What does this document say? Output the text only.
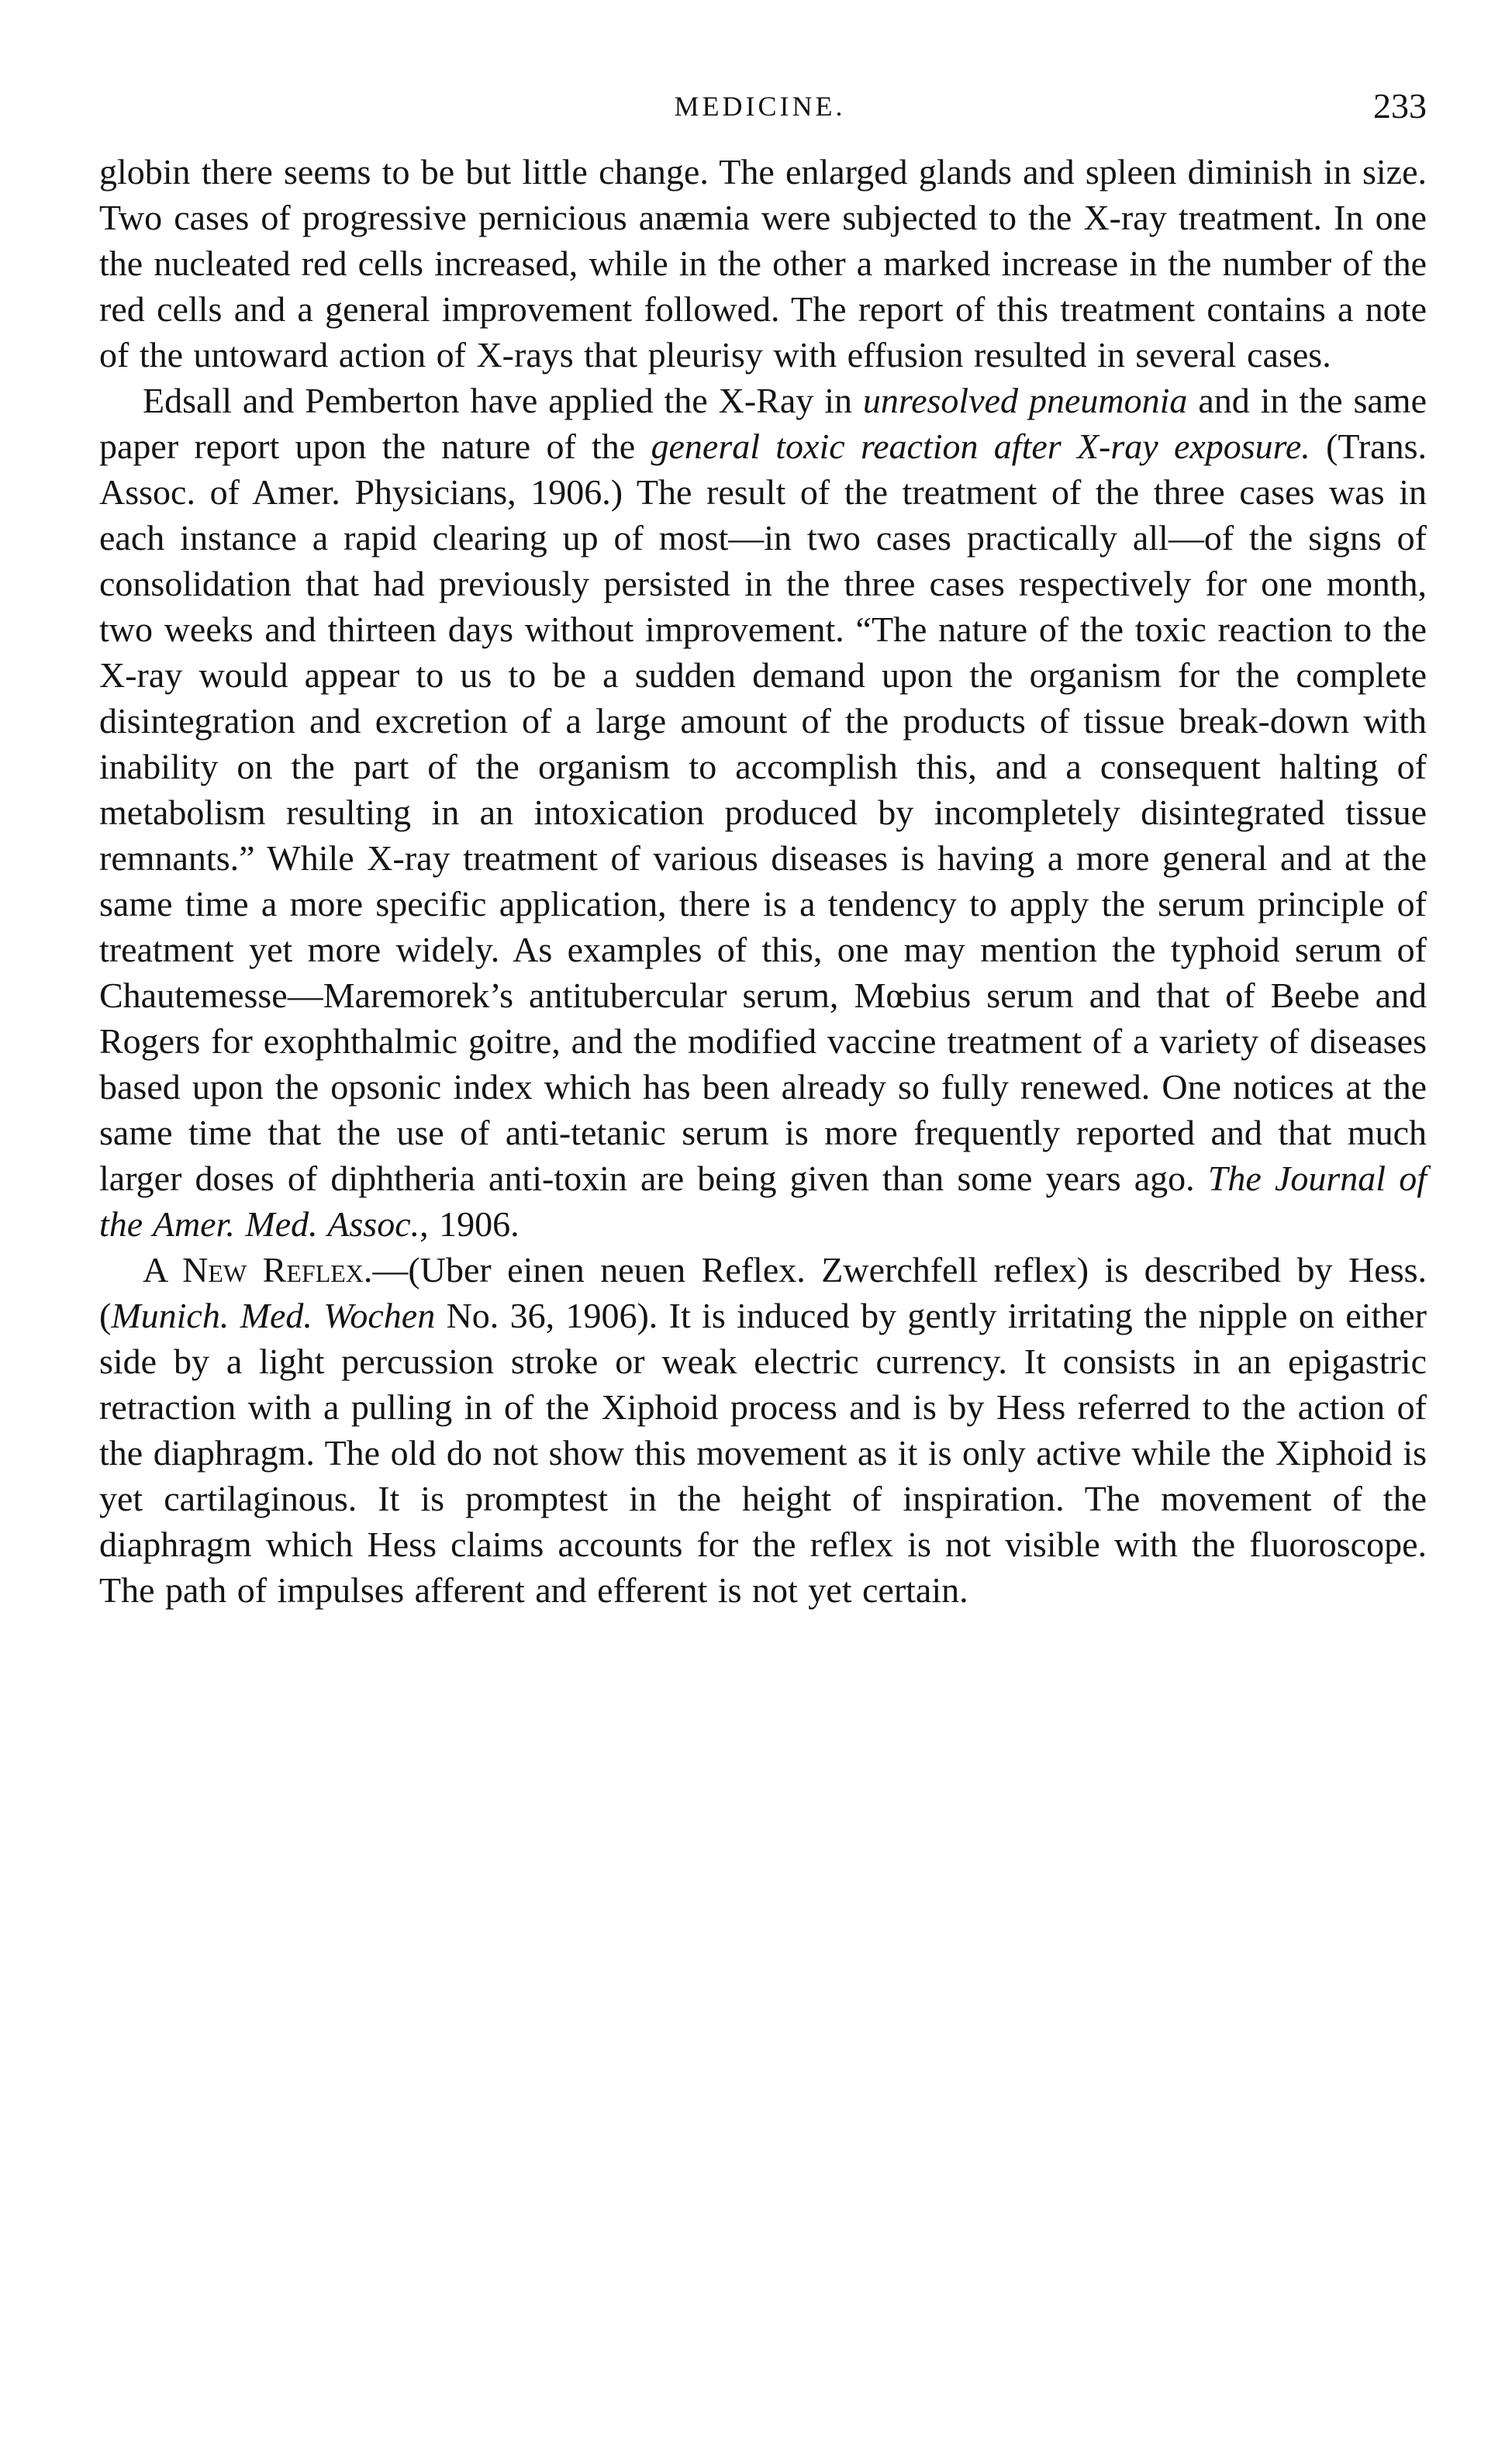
MEDICINE.	233

globin there seems to be but little change. The enlarged glands and spleen diminish in size. Two cases of progressive pernicious anæmia were subjected to the X-ray treatment. In one the nucleated red cells increased, while in the other a marked increase in the number of the red cells and a general improvement followed. The report of this treatment contains a note of the untoward action of X-rays that pleurisy with effusion resulted in several cases.

Edsall and Pemberton have applied the X-Ray in unresolved pneumonia and in the same paper report upon the nature of the general toxic reaction after X-ray exposure. (Trans. Assoc. of Amer. Physicians, 1906.) The result of the treatment of the three cases was in each instance a rapid clearing up of most—in two cases practically all—of the signs of consolidation that had previously persisted in the three cases respectively for one month, two weeks and thirteen days without improvement. “The nature of the toxic reaction to the X-ray would appear to us to be a sudden demand upon the organism for the complete disintegration and excretion of a large amount of the products of tissue break-down with inability on the part of the organism to accomplish this, and a consequent halting of metabolism resulting in an intoxication produced by incompletely disintegrated tissue remnants.” While X-ray treatment of various diseases is having a more general and at the same time a more specific application, there is a tendency to apply the serum principle of treatment yet more widely. As examples of this, one may mention the typhoid serum of Chautemesse—Maremorek’s antitubercular serum, Mœbius serum and that of Beebe and Rogers for exophthalmic goitre, and the modified vaccine treatment of a variety of diseases based upon the opsonic index which has been already so fully renewed. One notices at the same time that the use of anti-tetanic serum is more frequently reported and that much larger doses of diphtheria anti-toxin are being given than some years ago. The Journal of the Amer. Med. Assoc., 1906.

A New Reflex.—(Uber einen neuen Reflex. Zwerchfell reflex) is described by Hess. (Munich. Med. Wochen No. 36, 1906). It is induced by gently irritating the nipple on either side by a light percussion stroke or weak electric currency. It consists in an epigastric retraction with a pulling in of the Xiphoid process and is by Hess referred to the action of the diaphragm. The old do not show this movement as it is only active while the Xiphoid is yet cartilaginous. It is promptest in the height of inspiration. The movement of the diaphragm which Hess claims accounts for the reflex is not visible with the fluoroscope. The path of impulses afferent and efferent is not yet certain.
